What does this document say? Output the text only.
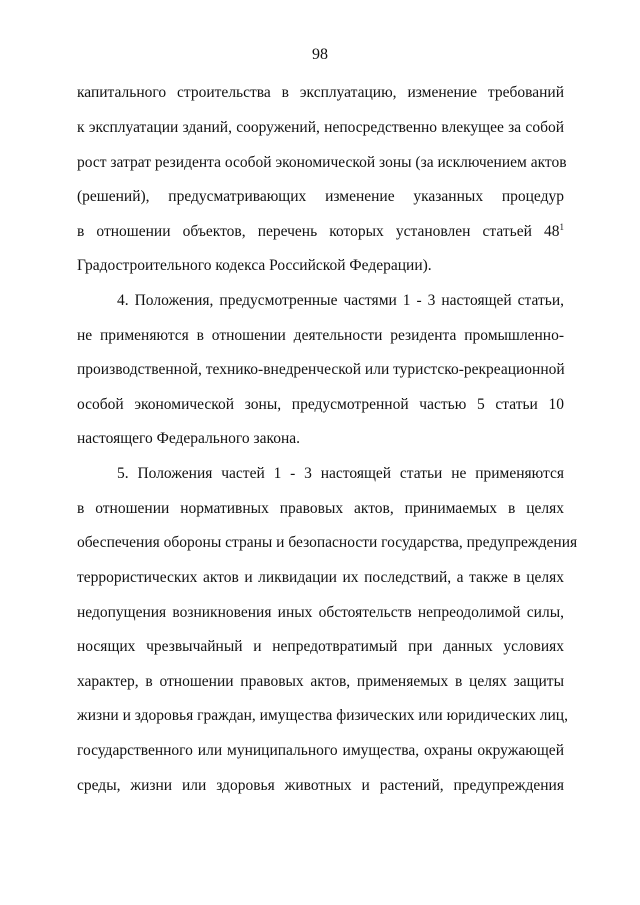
98
капитального строительства в эксплуатацию, изменение требований
к эксплуатации зданий, сооружений, непосредственно влекущее за собой
рост затрат резидента особой экономической зоны (за исключением актов
(решений), предусматривающих изменение указанных процедур
в отношении объектов, перечень которых установлен статьей $48^1$
Градостроительного кодекса Российской Федерации).
4. Положения, предусмотренные частями 1 - 3 настоящей статьи,
не применяются в отношении деятельности резидента промышленно-
производственной, технико-внедренческой или туристско-рекреационной
особой экономической зоны, предусмотренной частью 5 статьи 10
настоящего Федерального закона.
5. Положения частей 1 - 3 настоящей статьи не применяются
в отношении нормативных правовых актов, принимаемых в целях
обеспечения обороны страны и безопасности государства, предупреждения
террористических актов и ликвидации их последствий, а также в целях
недопущения возникновения иных обстоятельств непреодолимой силы,
носящих чрезвычайный и непредотвратимый при данных условиях
характер, в отношении правовых актов, применяемых в целях защиты
жизни и здоровья граждан, имущества физических или юридических лиц,
государственного или муниципального имущества, охраны окружающей
среды, жизни или здоровья животных и растений, предупреждения
